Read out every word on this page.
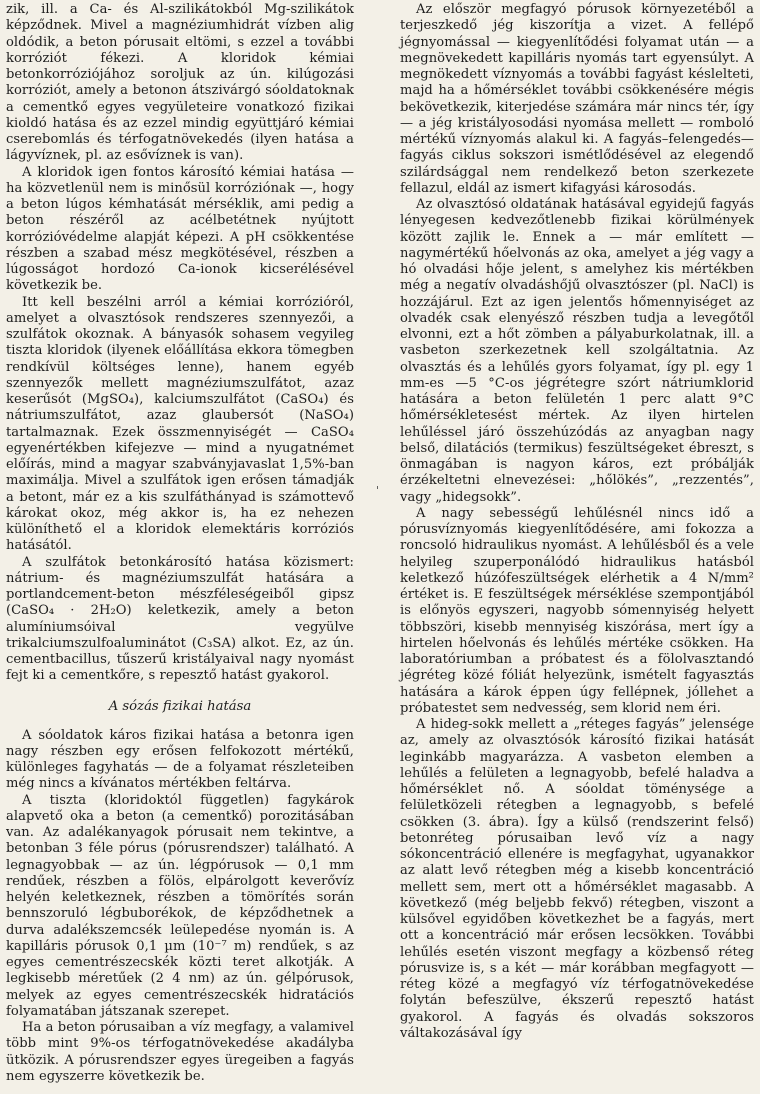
zik, ill. a Ca- és Al-szilikátokból Mg-szilikátok képződnek. Mivel a magnéziumhidrát vízben alig oldódik, a beton pórusait eltömi, s ezzel a további korróziót fékezi. A kloridok kémiai betonkorróziójához soroljuk az ún. kilúgozási korróziót, amely a betonon átszivárgó sóoldatoknak a cementkő egyes vegyületeire vonatkozó fizikai kioldó hatása és az ezzel mindig együttjáró kémiai cserebomlás és térfogatnövekedés (ilyen hatása a lágyvíznek, pl. az esővíznek is van).

A kloridok igen fontos károsító kémiai hatása — ha közvetlenül nem is minősül korróziónak —, hogy a beton lúgos kémhatását mérséklik, ami pedig a beton részéről az acélbetétnek nyújtott korrózióvédelme alapját képezi. A pH csökkentése részben a szabad mész megkötésével, részben a lúgosságot hordozó Ca-ionok kicserélésével következik be.

Itt kell beszélni arról a kémiai korrózióról, amelyet a olvasztósok rendszeres szennyezői, a szulfátok okoznak. A bányasók sohasem vegyileg tiszta kloridok (ilyenek előállítása ekkora tömegben rendkívül költséges lenne), hanem egyéb szennyezők mellett magnéziumszulfátot, azaz keserűsót (MgSO₄), kalciumszulfátot (CaSO₄) és nátriumszulfátot, azaz glaubersót (NaSO₄) tartalmaznak. Ezek összmennyiségét — CaSO₄ egyenértékben kifejezve — mind a nyugatnémet előírás, mind a magyar szabványjavaslat 1,5%-ban maximálja. Mivel a szulfátok igen erősen támadják a betont, már ez a kis szulfáthányad is számottevő károkat okoz, még akkor is, ha ez nehezen különíthető el a kloridok elemektáris korróziós hatásától.

A szulfátok betonkárosító hatása közismert: nátrium- és magnéziumszulfát hatására a portlandcement-beton mészféleségeiből gipsz (CaSO₄ · 2H₂O) keletkezik, amely a beton alumíniumsóival vegyülve trikalciumszulfoaluminátot (C₃SA) alkot. Ez, az ún. cementbacillus, tűszerű kristályaival nagy nyomást fejt ki a cementkőre, s repesztő hatást gyakorol.

A sózás fizikai hatása

A sóoldatok káros fizikai hatása a betonra igen nagy részben egy erősen felfokozott mértékű, különleges fagyhatás — de a folyamat részleteiben még nincs a kívánatos mértékben feltárva.

A tiszta (kloridoktól független) fagykárok alapvető oka a beton (a cementkő) porozitásában van. Az adalékanyagok pórusait nem tekintve, a betonban 3 féle pórus (pórusrendszer) található. A legnagyobbak — az ún. légpórusok — 0,1 mm rendűek, részben a fölös, elpárolgott keverővíz helyén keletkeznek, részben a tömörítés során bennszoruló légbuborékok, de képződhetnek a durva adalékszemcsék leülepedése nyomán is. A kapilláris pórusok 0,1 µm (10⁻⁷ m) rendűek, s az egyes cementrészecskék közti teret alkotják. A legkisebb méretűek (2 4 nm) az ún. gélpórusok, melyek az egyes cementrészecskék hidratációs folyamatában játszanak szerepet.

Ha a beton pórusaiban a víz megfagy, a valamivel több mint 9%-os térfogatnövekedése akadályba ütközik. A pórusrendszer egyes üregeiben a fagyás nem egyszerre következik be.

'

Az először megfagyó pórusok környezetéből a terjeszkedő jég kiszorítja a vizet. A fellépő jégnyomással — kiegyenlítődési folyamat után — a megnövekedett kapilláris nyomás tart egyensúlyt. A megnökedett víznyomás a további fagyást késlelteti, majd ha a hőmérséklet további csökkenésére mégis bekövetkezik, kiterjedése számára már nincs tér, így — a jég kristályosodási nyomása mellett — romboló mértékű víznyomás alakul ki. A fagyás–felengedés—fagyás ciklus sokszori ismétlődésével az elegendő szilárdsággal nem rendelkező beton szerkezete fellazul, eldál az ismert kifagyási károsodás.

Az olvasztósó oldatának hatásával egyidejű fagyás lényegesen kedvezőtlenebb fizikai körülmények között zajlik le. Ennek a — már említett — nagymértékű hőelvonás az oka, amelyet a jég vagy a hó olvadási hője jelent, s amelyhez kis mértékben még a negatív olvadáshőjű olvasztószer (pl. NaCl) is hozzájárul. Ezt az igen jelentős hőmennyiséget az olvadék csak elenyésző részben tudja a levegőtől elvonni, ezt a hőt zömben a pályaburkolatnak, ill. a vasbeton szerkezetnek kell szolgáltatnia. Az olvasztás és a lehűlés gyors folyamat, így pl. egy 1 mm-es —5 °C-os jégrétegre szórt nátriumklorid hatására a beton felületén 1 perc alatt 9°C hőmérsékletesést mértek. Az ilyen hirtelen lehűléssel járó összehúzódás az anyagban nagy belső, dilatációs (termikus) feszültségeket ébreszt, s önmagában is nagyon káros, ezt próbálják érzékeltetni elnevezései: „hőlökés”, „rezzentés”, vagy „hidegsokk”.

A nagy sebességű lehűlésnél nincs idő a pórusvíznyomás kiegyenlítődésére, ami fokozza a roncsoló hidraulikus nyomást. A lehűlésből és a vele helyileg szuperponálódó hidraulikus hatásból keletkező húzófeszültségek elérhetik a 4 N/mm² értéket is. E feszültségek mérséklése szempontjából is előnyös egyszeri, nagyobb sómennyiség helyett többszöri, kisebb mennyiség kiszórása, mert így a hirtelen hőelvonás és lehűlés mértéke csökken. Ha laboratóriumban a próbatest és a fölolvasztandó jégréteg közé fóliát helyezünk, ismételt fagyasztás hatására a károk éppen úgy fellépnek, jóllehet a próbatestet sem nedvesség, sem klorid nem éri.

A hideg-sokk mellett a „réteges fagyás” jelensége az, amely az olvasztósók károsító fizikai hatását leginkább magyarázza. A vasbeton elemben a lehűlés a felületen a legnagyobb, befelé haladva a hőmérséklet nő. A sóoldat töménysége a felületközeli rétegben a legnagyobb, s befelé csökken (3. ábra). Így a külső (rendszerint felső) betonréteg pórusaiban levő víz a nagy sókoncentráció ellenére is megfagyhat, ugyanakkor az alatt levő rétegben még a kisebb koncentráció mellett sem, mert ott a hőmérséklet magasabb. A következő (még beljebb fekvő) rétegben, viszont a külsővel egyidőben következhet be a fagyás, mert ott a koncentráció már erősen lecsökken. További lehűlés esetén viszont megfagy a közbenső réteg pórusvize is, s a két — már korábban megfagyott — réteg közé a megfagyó víz térfogatnövekedése folytán befeszülve, ékszerű repesztő hatást gyakorol. A fagyás és olvadás sokszoros váltakozásával így
